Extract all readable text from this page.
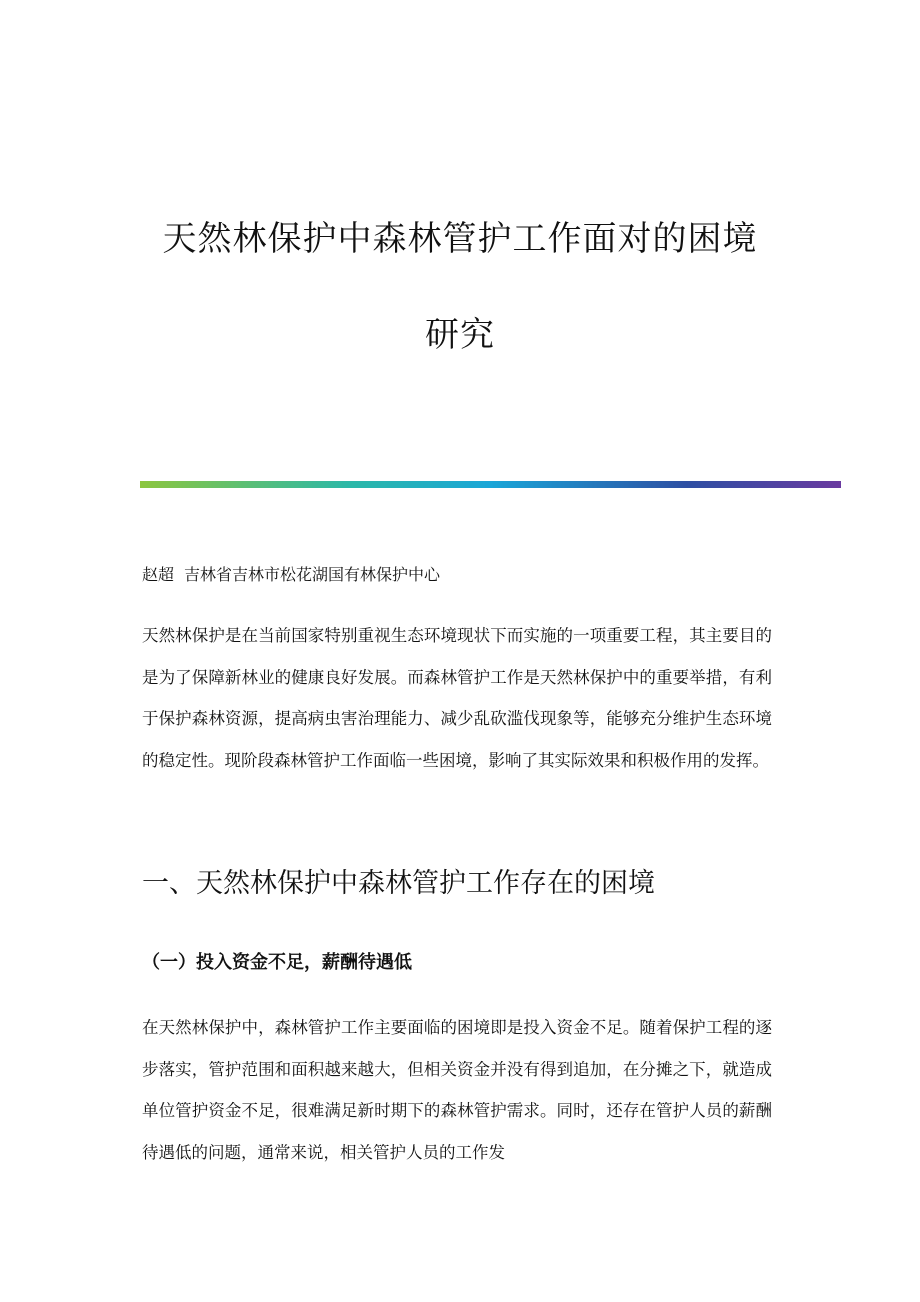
天然林保护中森林管护工作面对的困境
研究
赵超 吉林省吉林市松花湖国有林保护中心

天然林保护是在当前国家特别重视生态环境现状下而实施的一项重要工程，其主要目的是为了保障新林业的健康良好发展。而森林管护工作是天然林保护中的重要举措，有利于保护森林资源，提高病虫害治理能力、减少乱砍滥伐现象等，能够充分维护生态环境的稳定性。现阶段森林管护工作面临一些困境，影响了其实际效果和积极作用的发挥。

一、天然林保护中森林管护工作存在的困境
（一）投入资金不足，薪酬待遇低

在天然林保护中，森林管护工作主要面临的困境即是投入资金不足。随着保护工程的逐步落实，管护范围和面积越来越大，但相关资金并没有得到追加，在分摊之下，就造成单位管护资金不足，很难满足新时期下的森林管护需求。同时，还存在管护人员的薪酬待遇低的问题，通常来说，相关管护人员的工作发
